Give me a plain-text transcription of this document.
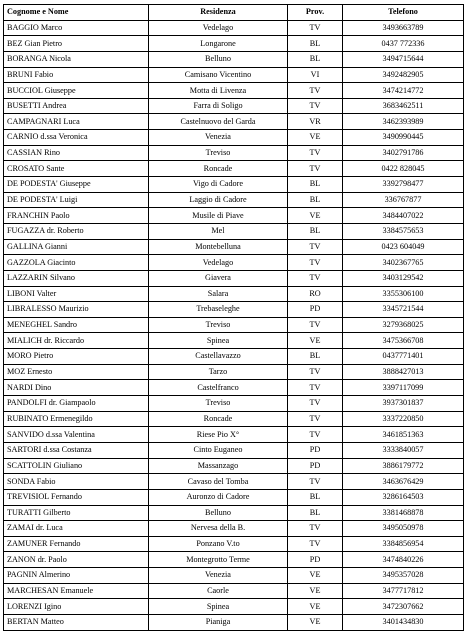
Cognome e Nome	Residenza	Prov.	Telefono
BAGGIO Marco	Vedelago	TV	3493663789
BEZ Gian Pietro	Longarone	BL	0437 772336
BORANGA Nicola	Belluno	BL	3494715644
BRUNI Fabio	Camisano Vicentino	VI	3492482905
BUCCIOL Giuseppe	Motta di Livenza	TV	3474214772
BUSETTI Andrea	Farra di Soligo	TV	3683462511
CAMPAGNARI Luca	Castelnuovo del Garda	VR	3462393989
CARNIO d.ssa Veronica	Venezia	VE	3490990445
CASSIAN Rino	Treviso	TV	3402791786
CROSATO Sante	Roncade	TV	0422 828045
DE PODESTA' Giuseppe	Vigo di Cadore	BL	3392798477
DE PODESTA' Luigi	Laggio di Cadore	BL	336767877
FRANCHIN Paolo	Musile di Piave	VE	3484407022
FUGAZZA dr. Roberto	Mel	BL	3384575653
GALLINA Gianni	Montebelluna	TV	0423 604049
GAZZOLA Giacinto	Vedelago	TV	3402367765
LAZZARIN Silvano	Giavera	TV	3403129542
LIBONI Valter	Salara	RO	3355306100
LIBRALESSO Maurizio	Trebaseleghe	PD	3345721544
MENEGHEL Sandro	Treviso	TV	3279368025
MIALICH dr. Riccardo	Spinea	VE	3475366708
MORO Pietro	Castellavazzo	BL	0437771401
MOZ Ernesto	Tarzo	TV	3888427013
NARDI Dino	Castelfranco	TV	3397117099
PANDOLFI dr. Giampaolo	Treviso	TV	3937301837
RUBINATO Ermenegildo	Roncade	TV	3337220850
SANVIDO d.ssa Valentina	Riese Pio X°	TV	3461851363
SARTORI d.ssa Costanza	Cinto Euganeo	PD	3333840057
SCATTOLIN Giuliano	Massanzago	PD	3886179772
SONDA Fabio	Cavaso del Tomba	TV	3463676429
TREVISIOL Fernando	Auronzo di Cadore	BL	3286164503
TURATTI Gilberto	Belluno	BL	3381468878
ZAMAI dr. Luca	Nervesa della B.	TV	3495050978
ZAMUNER Fernando	Ponzano V.to	TV	3384856954
ZANON dr. Paolo	Montegrotto Terme	PD	3474840226
PAGNIN Almerino	Venezia	VE	3495357028
MARCHESAN Emanuele	Caorle	VE	3477717812
LORENZI Igino	Spinea	VE	3472307662
BERTAN Matteo	Pianiga	VE	3401434830
